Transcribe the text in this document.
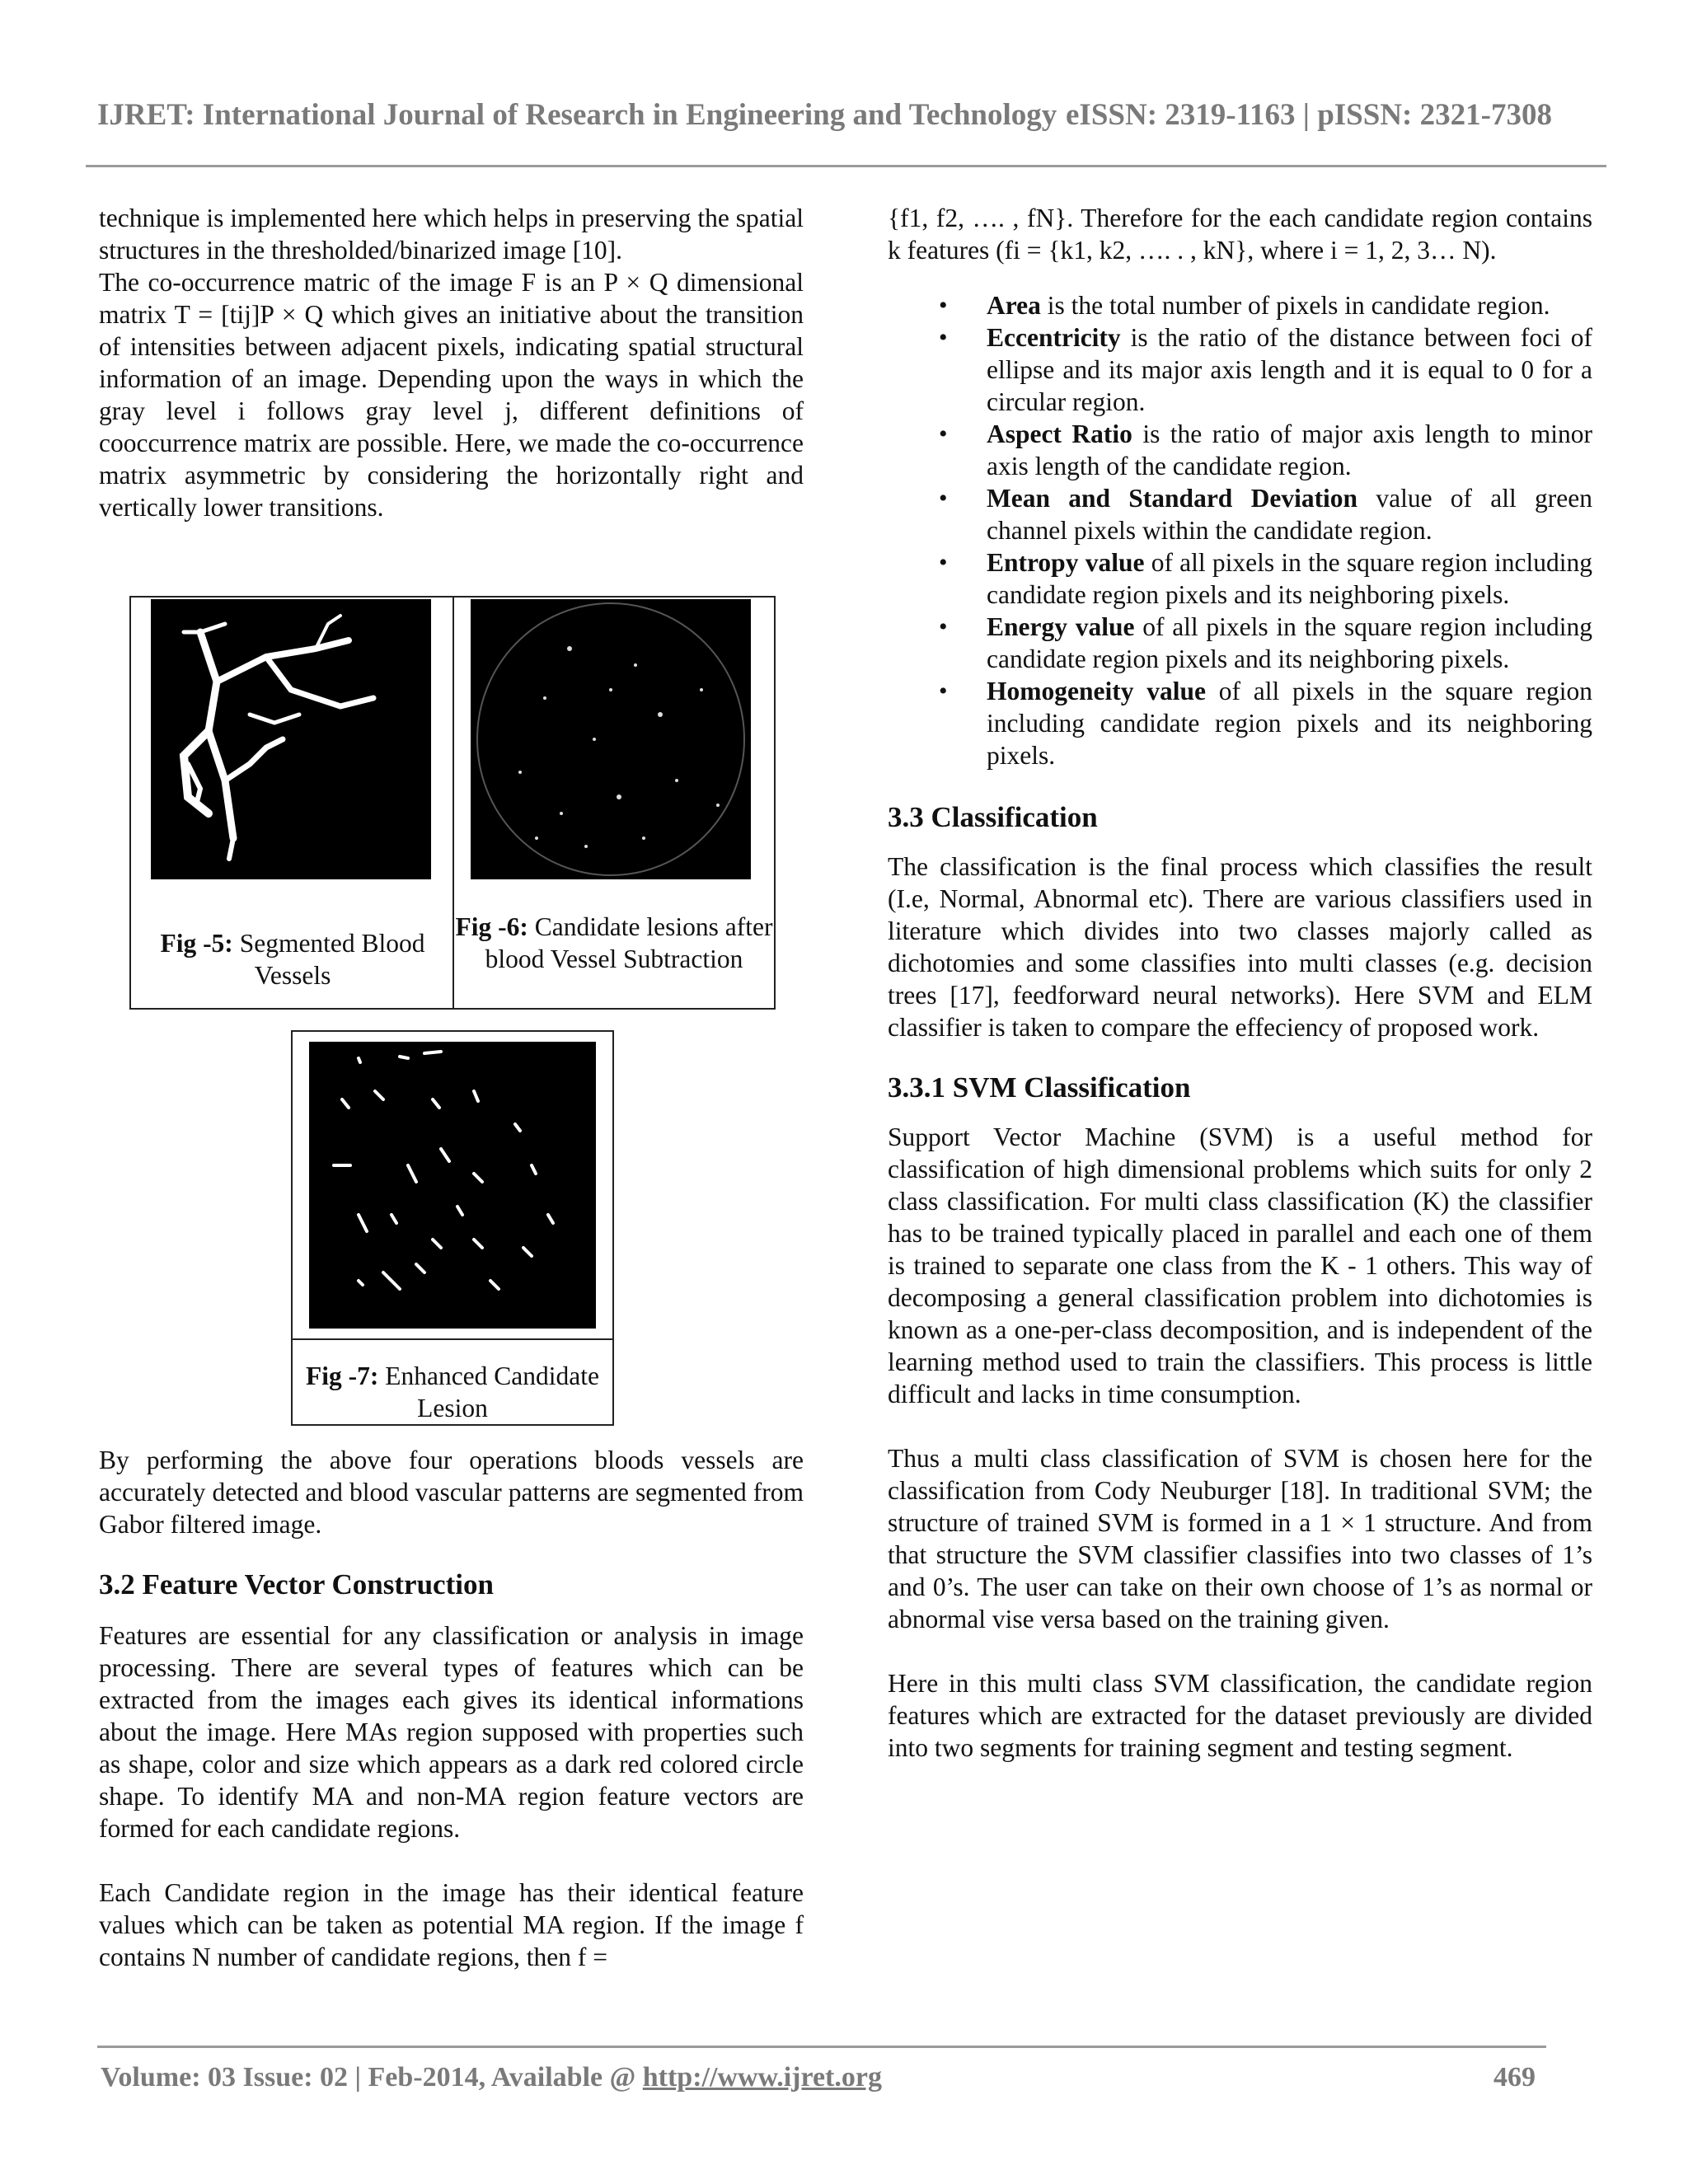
IJRET: International Journal of Research in Engineering and Technology eISSN: 2319-1163 | pISSN: 2321-7308

technique is implemented here which helps in preserving the spatial structures in the thresholded/binarized image [10].

The co-occurrence matric of the image F is an P × Q dimensional matrix T = [tij]P × Q which gives an initiative about the transition of intensities between adjacent pixels, indicating spatial structural information of an image. Depending upon the ways in which the gray level i follows gray level j, different definitions of cooccurrence matrix are possible. Here, we made the co-occurrence matrix asymmetric by considering the horizontally right and vertically lower transitions.

Fig -5: Segmented Blood Vessels
Fig -6: Candidate lesions after blood Vessel Subtraction
Fig -7: Enhanced Candidate Lesion

By performing the above four operations bloods vessels are accurately detected and blood vascular patterns are segmented from Gabor filtered image.

3.2 Feature Vector Construction

Features are essential for any classification or analysis in image processing. There are several types of features which can be extracted from the images each gives its identical informations about the image. Here MAs region supposed with properties such as shape, color and size which appears as a dark red colored circle shape. To identify MA and non-MA region feature vectors are formed for each candidate regions.

Each Candidate region in the image has their identical feature values which can be taken as potential MA region. If the image f contains N number of candidate regions, then f =

{f1, f2, …. , fN}. Therefore for the each candidate region contains k features (fi = {k1, k2, …. . , kN}, where i = 1, 2, 3… N).

• Area is the total number of pixels in candidate region.
• Eccentricity is the ratio of the distance between foci of ellipse and its major axis length and it is equal to 0 for a circular region.
• Aspect Ratio is the ratio of major axis length to minor axis length of the candidate region.
• Mean and Standard Deviation value of all green channel pixels within the candidate region.
• Entropy value of all pixels in the square region including candidate region pixels and its neighboring pixels.
• Energy value of all pixels in the square region including candidate region pixels and its neighboring pixels.
• Homogeneity value of all pixels in the square region including candidate region pixels and its neighboring pixels.
3.3 Classification

The classification is the final process which classifies the result (I.e, Normal, Abnormal etc). There are various classifiers used in literature which divides into two classes majorly called as dichotomies and some classifies into multi classes (e.g. decision trees [17], feedforward neural networks). Here SVM and ELM classifier is taken to compare the effeciency of proposed work.

3.3.1 SVM Classification

Support Vector Machine (SVM) is a useful method for classification of high dimensional problems which suits for only 2 class classification. For multi class classification (K) the classifier has to be trained typically placed in parallel and each one of them is trained to separate one class from the K - 1 others. This way of decomposing a general classification problem into dichotomies is known as a one-per-class decomposition, and is independent of the learning method used to train the classifiers. This process is little difficult and lacks in time consumption.

Thus a multi class classification of SVM is chosen here for the classification from Cody Neuburger [18]. In traditional SVM; the structure of trained SVM is formed in a 1 × 1 structure. And from that structure the SVM classifier classifies into two classes of 1’s and 0’s. The user can take on their own choose of 1’s as normal or abnormal vise versa based on the training given.

Here in this multi class SVM classification, the candidate region features which are extracted for the dataset previously are divided into two segments for training segment and testing segment.

Volume: 03 Issue: 02 | Feb-2014, Available @ http://www.ijret.org	469
